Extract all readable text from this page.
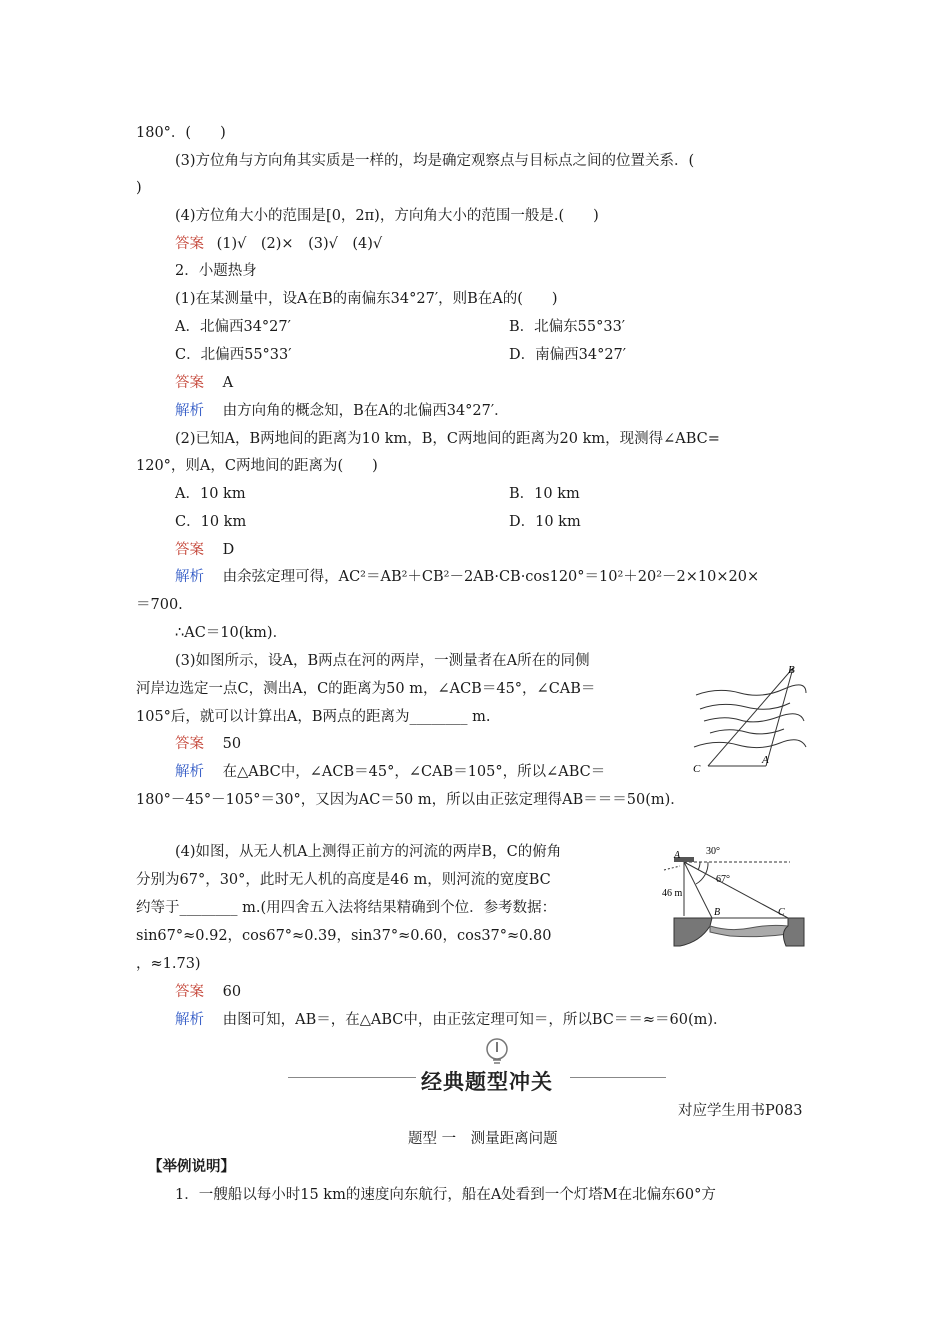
180°．(　　)
(3)方位角与方向角其实质是一样的，均是确定观察点与目标点之间的位置关系．(
)
(4)方位角大小的范围是[0，2π)，方向角大小的范围一般是.(　　)
答案 (1)√　(2)×　(3)√　(4)√
2．小题热身
(1)在某测量中，设A在B的南偏东34°27′，则B在A的(　　)
A．北偏西34°27′	B．北偏东55°33′
C．北偏西55°33′	D．南偏西34°27′
答案 A
解析 由方向角的概念知，B在A的北偏西34°27′．
(2)已知A，B两地间的距离为10 km，B，C两地间的距离为20 km，现测得∠ABC=
120°，则A，C两地间的距离为(　　)
A．10 km	B．10 km
C．10 km	D．10 km
答案 D
解析 由余弦定理可得，AC²＝AB²＋CB²－2AB·CB·cos120°＝10²＋20²－2×10×20×
＝700.
∴AC＝10(km)．
(3)如图所示，设A，B两点在河的两岸，一测量者在A所在的同侧
河岸边选定一点C，测出A，C的距离为50 m，∠ACB＝45°，∠CAB＝
105°后，就可以计算出A，B两点的距离为________ m.
答案 50
解析 在△ABC中，∠ACB＝45°，∠CAB＝105°，所以∠ABC＝
180°－45°－105°＝30°，又因为AC＝50 m，所以由正弦定理得AB＝＝＝50(m)．
C
A
B
(4)如图，从无人机A上测得正前方的河流的两岸B，C的俯角
分别为67°，30°，此时无人机的高度是46 m，则河流的宽度BC
约等于________ m.(用四舍五入法将结果精确到个位．参考数据：
sin67°≈0.92，cos67°≈0.39，sin37°≈0.60，cos37°≈0.80
，≈1.73)
答案 60
解析 由图可知，AB＝，在△ABC中，由正弦定理可知＝，所以BC＝＝≈＝60(m)．
A
46 m
30°
67°
B	C
经典题型冲关
对应学生用书P083
题型 一　测量距离问题
【举例说明】
1．一艘船以每小时15 km的速度向东航行，船在A处看到一个灯塔M在北偏东60°方
